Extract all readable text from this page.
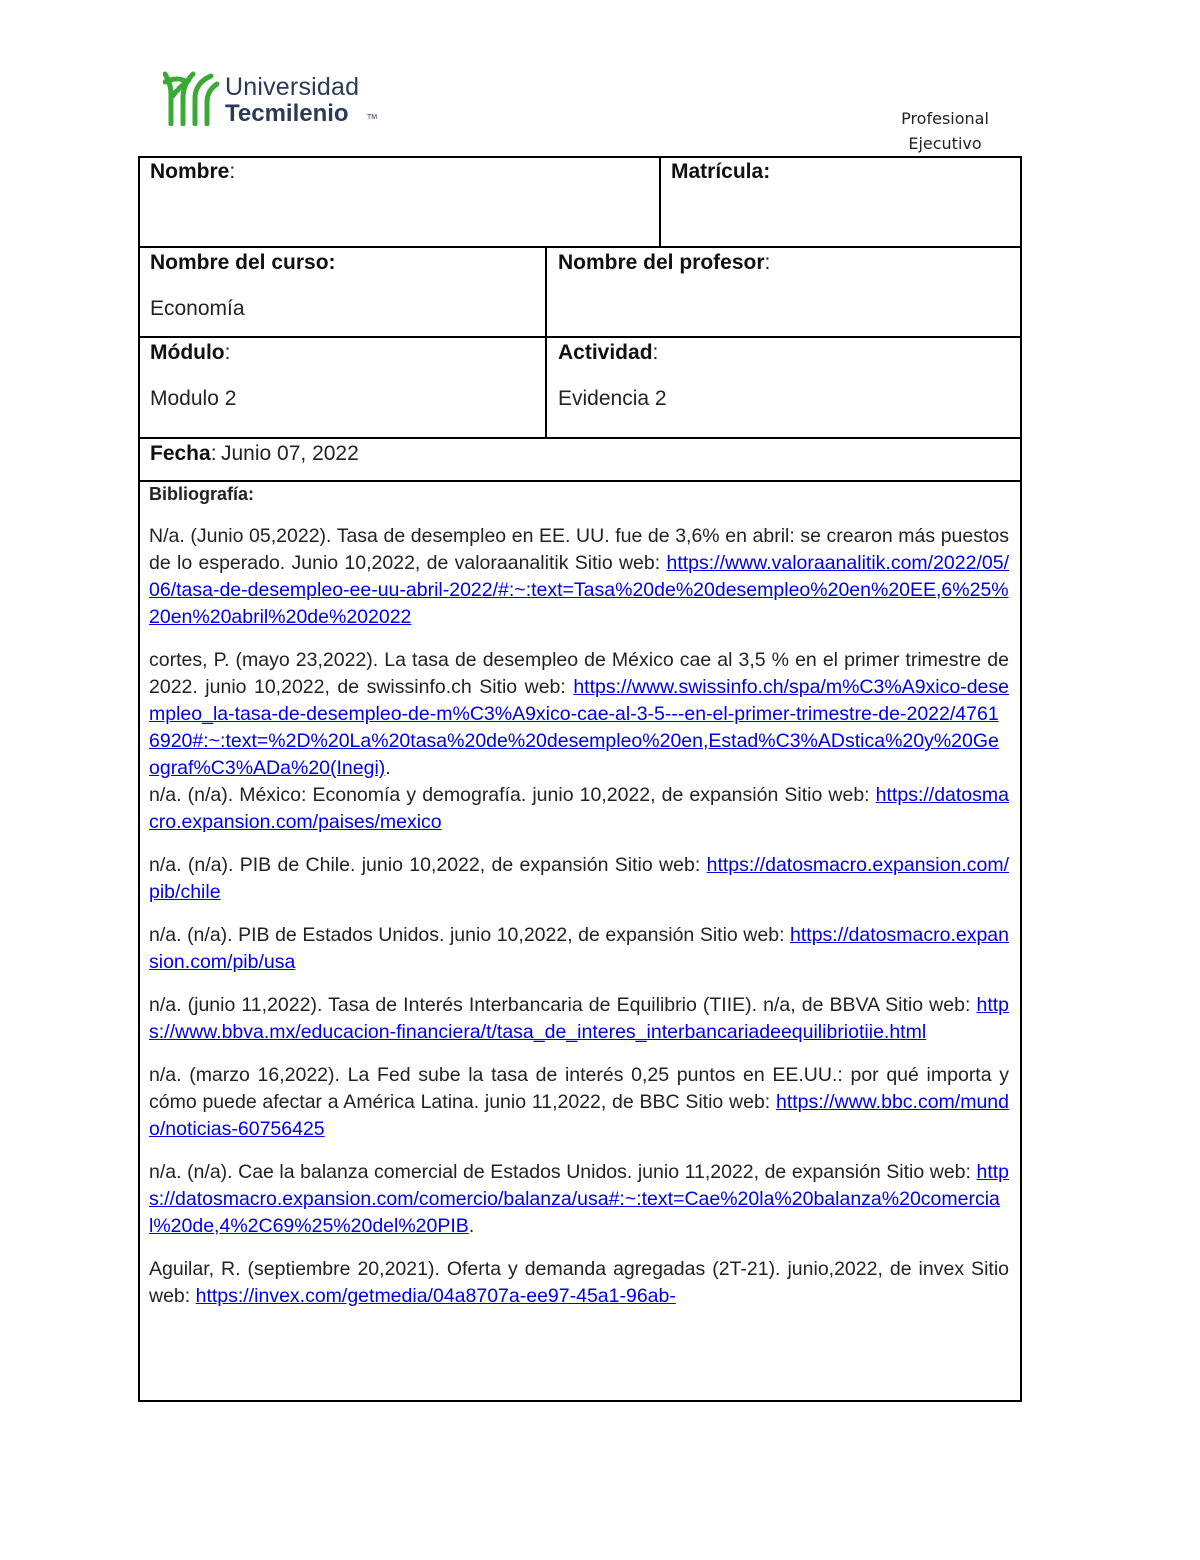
Universidad
Tecmilenio	TM	Profesional
Ejecutivo
Nombre:	Matrícula:
Nombre del curso:
Economía
Nombre del profesor:
Módulo:
Modulo 2
Actividad:
Evidencia 2
Fecha: Junio 07, 2022
Bibliografía:

N/a. (Junio 05,2022). Tasa de desempleo en EE. UU. fue de 3,6% en abril: se crearon más puestos de lo esperado. Junio 10,2022, de valoraanalitik Sitio web: https://www.valoraanalitik.com/2022/05/06/tasa-de-desempleo-ee-uu-abril-2022/#:~:text=Tasa%20de%20desempleo%20en%20EE,6%25%20en%20abril%20de%202022

cortes, P. (mayo 23,2022). La tasa de desempleo de México cae al 3,5 % en el primer trimestre de 2022. junio 10,2022, de swissinfo.ch Sitio web: https://www.swissinfo.ch/spa/m%C3%A9xico-desempleo_la-tasa-de-desempleo-de-m%C3%A9xico-cae-al-3-5---en-el-primer-trimestre-de-2022/47616920#:~:text=%2D%20La%20tasa%20de%20desempleo%20en,Estad%C3%ADstica%20y%20Geograf%C3%ADa%20(Inegi).

n/a. (n/a). México: Economía y demografía. junio 10,2022, de expansión Sitio web: https://datosmacro.expansion.com/paises/mexico

n/a. (n/a). PIB de Chile. junio 10,2022, de expansión Sitio web: https://datosmacro.expansion.com/pib/chile

n/a. (n/a). PIB de Estados Unidos. junio 10,2022, de expansión Sitio web: https://datosmacro.expansion.com/pib/usa

n/a. (junio 11,2022). Tasa de Interés Interbancaria de Equilibrio (TIIE). n/a, de BBVA Sitio web: https://www.bbva.mx/educacion-financiera/t/tasa_de_interes_interbancariadeequilibriotiie.html

n/a. (marzo 16,2022). La Fed sube la tasa de interés 0,25 puntos en EE.UU.: por qué importa y cómo puede afectar a América Latina. junio 11,2022, de BBC Sitio web: https://www.bbc.com/mundo/noticias-60756425

n/a. (n/a). Cae la balanza comercial de Estados Unidos. junio 11,2022, de expansión Sitio web: https://datosmacro.expansion.com/comercio/balanza/usa#:~:text=Cae%20la%20balanza%20comercial%20de,4%2C69%25%20del%20PIB.

Aguilar, R. (septiembre 20,2021). Oferta y demanda agregadas (2T-21). junio,2022, de invex Sitio web: https://invex.com/getmedia/04a8707a-ee97-45a1-96ab-
